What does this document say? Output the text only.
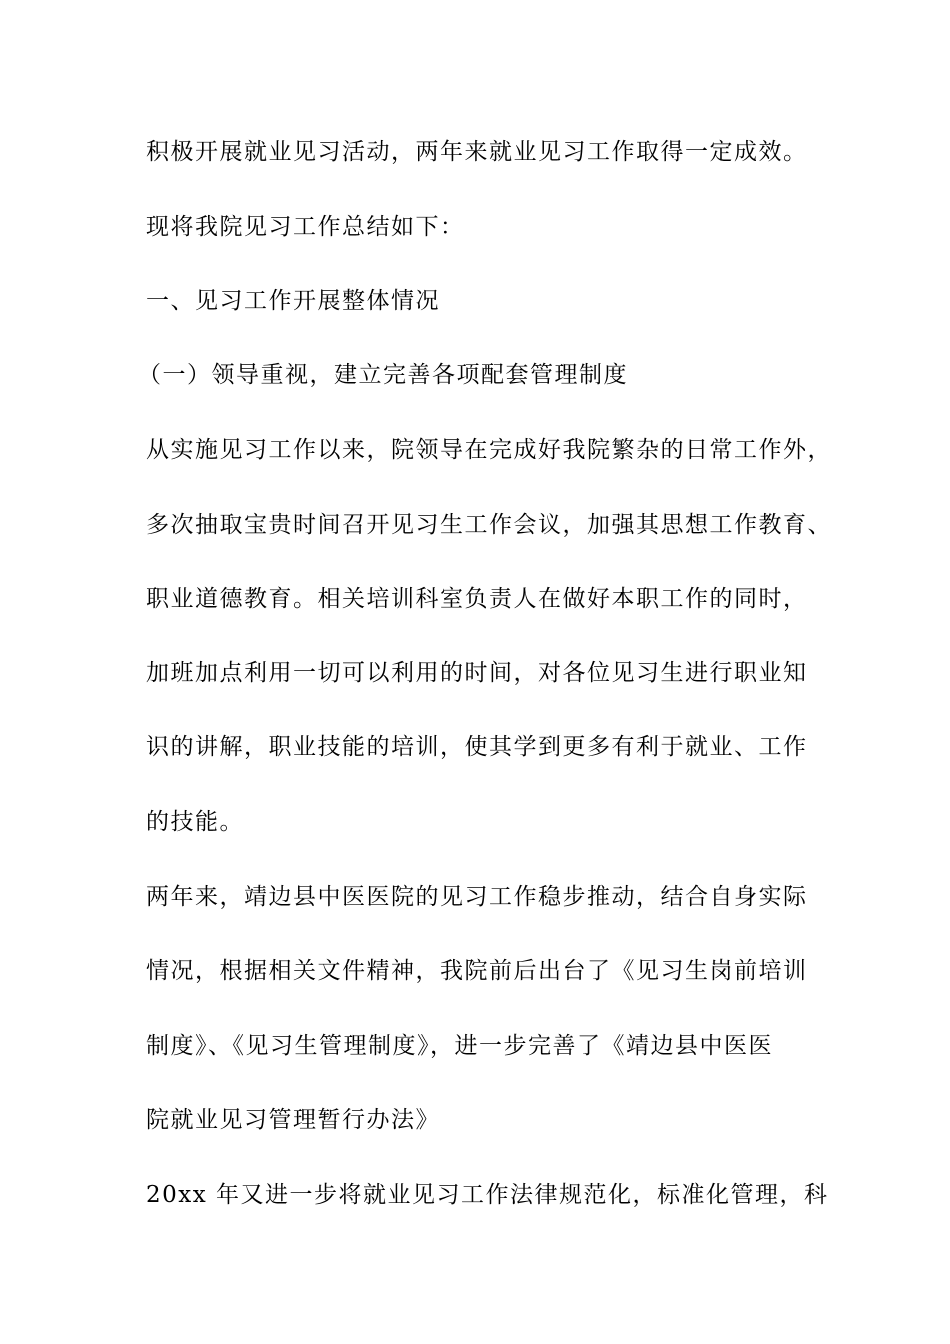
积极开展就业见习活动，两年来就业见习工作取得一定成效。
现将我院见习工作总结如下：
一、见习工作开展整体情况
（一）领导重视，建立完善各项配套管理制度
从实施见习工作以来，院领导在完成好我院繁杂的日常工作外，
多次抽取宝贵时间召开见习生工作会议，加强其思想工作教育、
职业道德教育。相关培训科室负责人在做好本职工作的同时，
加班加点利用一切可以利用的时间，对各位见习生进行职业知
识的讲解，职业技能的培训，使其学到更多有利于就业、工作
的技能。
两年来，靖边县中医医院的见习工作稳步推动，结合自身实际
情况，根据相关文件精神，我院前后出台了《见习生岗前培训
制度》、《见习生管理制度》，进一步完善了《靖边县中医医
院就业见习管理暂行办法》
20xx 年又进一步将就业见习工作法律规范化，标准化管理，科
